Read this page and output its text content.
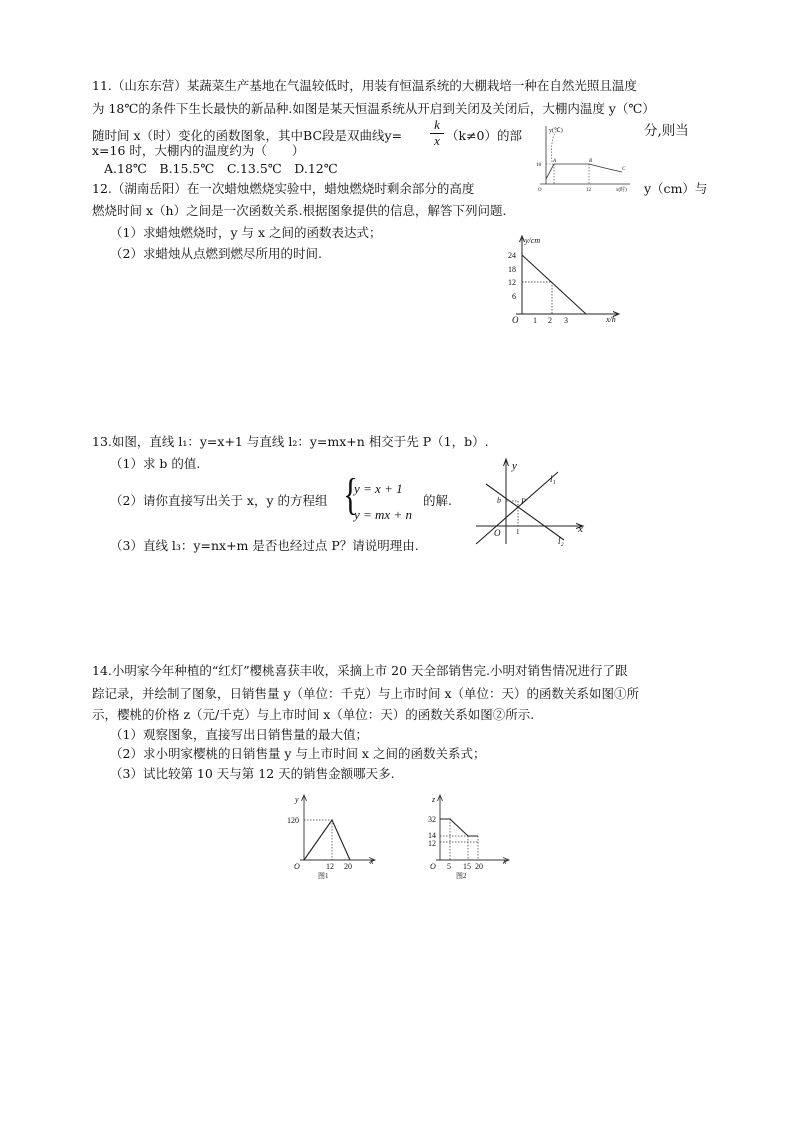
11.（山东东营）某蔬菜生产基地在气温较低时，用装有恒温系统的大棚栽培一种在自然光照且温度
为 18℃的条件下生长最快的新品种.如图是某天恒温系统从开启到关闭及关闭后，大棚内温度 y（℃）
随时间 x（时）变化的函数图象，其中BC段是双曲线y=
k
x （k≠0）的部	分,则当
x=16 时，大棚内的温度约为（　　）
A.18℃　B.15.5℃　C.13.5℃　D.12℃
y(℃)
x(时)
O
18
12
A	B
C
12.（湖南岳阳）在一次蜡烛燃烧实验中，蜡烛燃烧时剩余部分的高度	y（cm）与
燃烧时间 x（h）之间是一次函数关系.根据图象提供的信息，解答下列问题.
（1）求蜡烛燃烧时，y 与 x 之间的函数表达式；
（2）求蜡烛从点燃到燃尽所用的时间.
y/cm
x/h
O
24
18
12
6
1 2 3
13.如图，直线 l₁：y=x+1 与直线 l₂：y=mx+n 相交于先 P（1，b）.
（1）求 b 的值.
（2）请你直接写出关于 x，y 的方程组 {
y = x + 1
y = mx + n
的解.
（3）直线 l₃：y=nx+m 是否也经过点 P？请说明理由.
y
x
O
l₁
l₂
P
b
1
14.小明家今年种植的“红灯”樱桃喜获丰收，采摘上市 20 天全部销售完.小明对销售情况进行了跟
踪记录，并绘制了图象，日销售量 y（单位：千克）与上市时间 x（单位：天）的函数关系如图①所
示，樱桃的价格 z（元/千克）与上市时间 x（单位：天）的函数关系如图②所示.
（1）观察图象，直接写出日销售量的最大值；
（2）求小明家樱桃的日销售量 y 与上市时间 x 之间的函数关系式；
（3）试比较第 10 天与第 12 天的销售金额哪天多.
y
x
O
120
12 20
图1
z
x
O
32
14
12
5 15 20
图2
